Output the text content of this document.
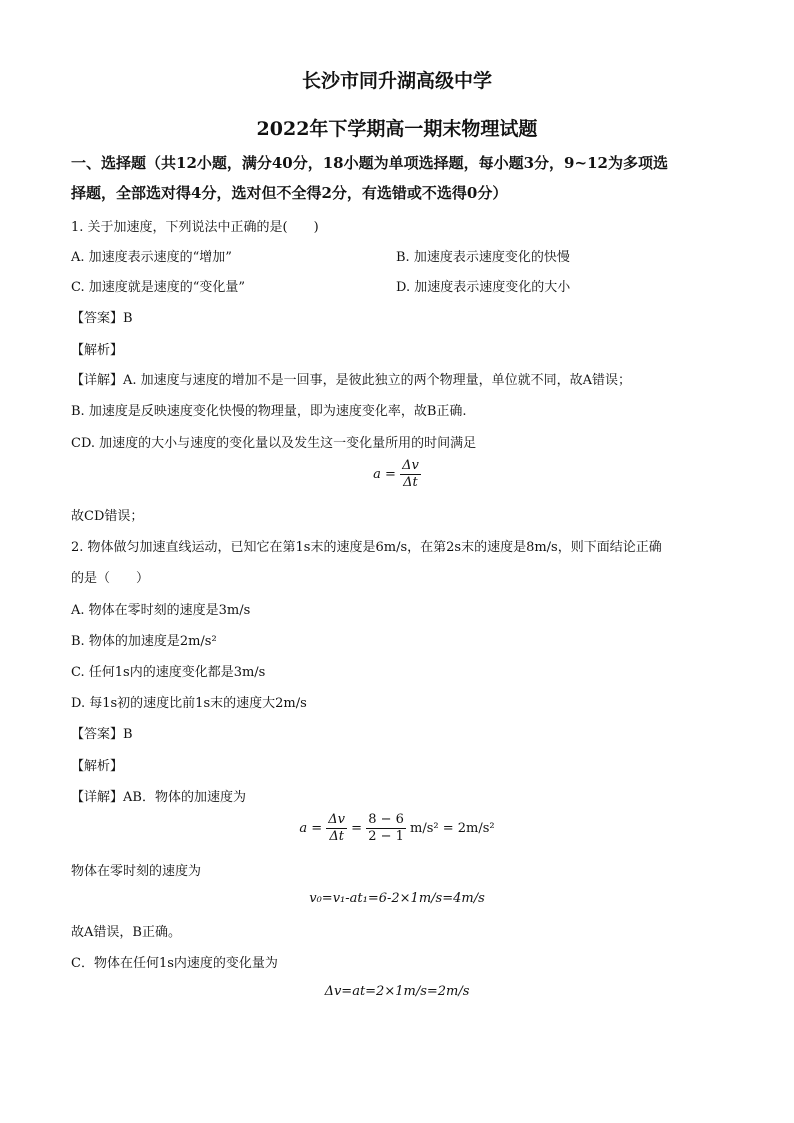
长沙市同升湖高级中学
2022年下学期高一期末物理试题
一、选择题（共12小题，满分40分，18小题为单项选择题，每小题3分，9~12为多项选
择题，全部选对得4分，选对但不全得2分，有选错或不选得0分）
1. 关于加速度，下列说法中正确的是(　　)
A. 加速度表示速度的“增加”	B. 加速度表示速度变化的快慢
C. 加速度就是速度的“变化量”	D. 加速度表示速度变化的大小
【答案】B
【解析】
【详解】A. 加速度与速度的增加不是一回事，是彼此独立的两个物理量，单位就不同，故A错误；
B. 加速度是反映速度变化快慢的物理量，即为速度变化率，故B正确.
CD. 加速度的大小与速度的变化量以及发生这一变化量所用的时间满足
$a = \frac{\Delta v}{\Delta t}$
故CD错误；
2. 物体做匀加速直线运动，已知它在第1s末的速度是6m/s，在第2s末的速度是8m/s，则下面结论正确
的是（　　）
A. 物体在零时刻的速度是3m/s
B. 物体的加速度是2m/s²
C. 任何1s内的速度变化都是3m/s
D. 每1s初的速度比前1s末的速度大2m/s
【答案】B
【解析】
【详解】AB．物体的加速度为
$a = \frac{\Delta v}{\Delta t} = \frac{8 - 6}{2 - 1} m/s^2 = 2m/s^2$
物体在零时刻的速度为
v₀=v₁-at₁=6-2×1m/s=4m/s
故A错误，B正确。
C．物体在任何1s内速度的变化量为
Δv=at=2×1m/s=2m/s
